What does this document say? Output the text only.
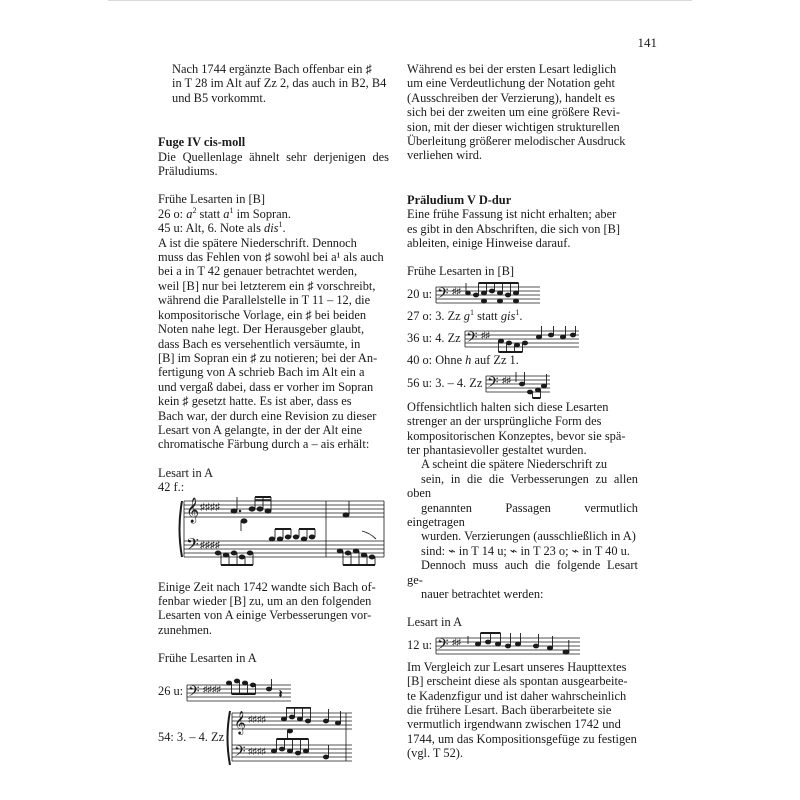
141
Nach 1744 ergänzte Bach offenbar ein ♯
in T 28 im Alt auf Zz 2, das auch in B2, B4
und B5 vorkommt.
Fuge IV cis-moll
Die Quellenlage ähnelt sehr derjenigen des Präludiums.
Frühe Lesarten in [B]
26 o: $a^2$ statt $a^1$ im Sopran.
45 u: Alt, 6. Note als dis$^1$.
A ist die spätere Niederschrift. Dennoch
muss das Fehlen von ♯ sowohl bei a¹ als auch
bei a in T 42 genauer betrachtet werden,
weil [B] nur bei letzterem ein ♯ vorschreibt,
während die Parallelstelle in T 11 – 12, die
kompositorische Vorlage, ein ♯ bei beiden
Noten nahe legt. Der Herausgeber glaubt,
dass Bach es versehentlich versäumte, in
[B] im Sopran ein ♯ zu notieren; bei der An-
fertigung von A schrieb Bach im Alt ein a
und vergaß dabei, dass er vorher im Sopran
kein ♯ gesetzt hatte. Es ist aber, dass es
Bach war, der durch eine Revision zu dieser
Lesart von A gelangte, in der der Alt eine
chromatische Färbung durch a – ais erhält:
Lesart in A
42 f.:
𝄞
𝄢
♯♯♯♯
♯♯♯♯
Einige Zeit nach 1742 wandte sich Bach of-
fenbar wieder [B] zu, um an den folgenden
Lesarten von A einige Verbesserungen vor-
zunehmen.
Frühe Lesarten in A
26 u: 𝄢 ♯♯♯♯	𝄽
54: 3. – 4. Zz
𝄞
𝄢
♯♯♯♯
♯♯♯♯
Während es bei der ersten Lesart lediglich
um eine Verdeutlichung der Notation geht
(Ausschreiben der Verzierung), handelt es
sich bei der zweiten um eine größere Revi-
sion, mit der dieser wichtigen strukturellen
Überleitung größerer melodischer Ausdruck
verliehen wird.
Präludium V D-dur
Eine frühe Fassung ist nicht erhalten; aber
es gibt in den Abschriften, die sich von [B]
ableiten, einige Hinweise darauf.
Frühe Lesarten in [B]
20 u: 𝄢 ♯♯
27 o: 3. Zz $g^1$ statt gis$^1$.
36 u: 4. Zz 𝄢 ♯♯
40 o: Ohne h auf Zz 1.
56 u: 3. – 4. Zz 𝄢 ♯♯
Offensichtlich halten sich diese Lesarten
strenger an der ursprüngliche Form des
kompositorischen Konzeptes, bevor sie spä-
ter phantasievoller gestaltet wurden.
A scheint die spätere Niederschrift zu
sein, in die die Verbesserungen zu allen oben
genannten Passagen vermutlich eingetragen
wurden. Verzierungen (ausschließlich in A)
sind: ⌁ in T 14 u; ⌁ in T 23 o; ⌁ in T 40 u.
Dennoch muss auch die folgende Lesart ge-
nauer betrachtet werden:
Lesart in A
12 u: 𝄢 ♯♯
Im Vergleich zur Lesart unseres Haupttextes
[B] erscheint diese als spontan ausgearbeite-
te Kadenzfigur und ist daher wahrscheinlich
die frühere Lesart. Bach überarbeitete sie
vermutlich irgendwann zwischen 1742 und
1744, um das Kompositionsgefüge zu festigen
(vgl. T 52).
